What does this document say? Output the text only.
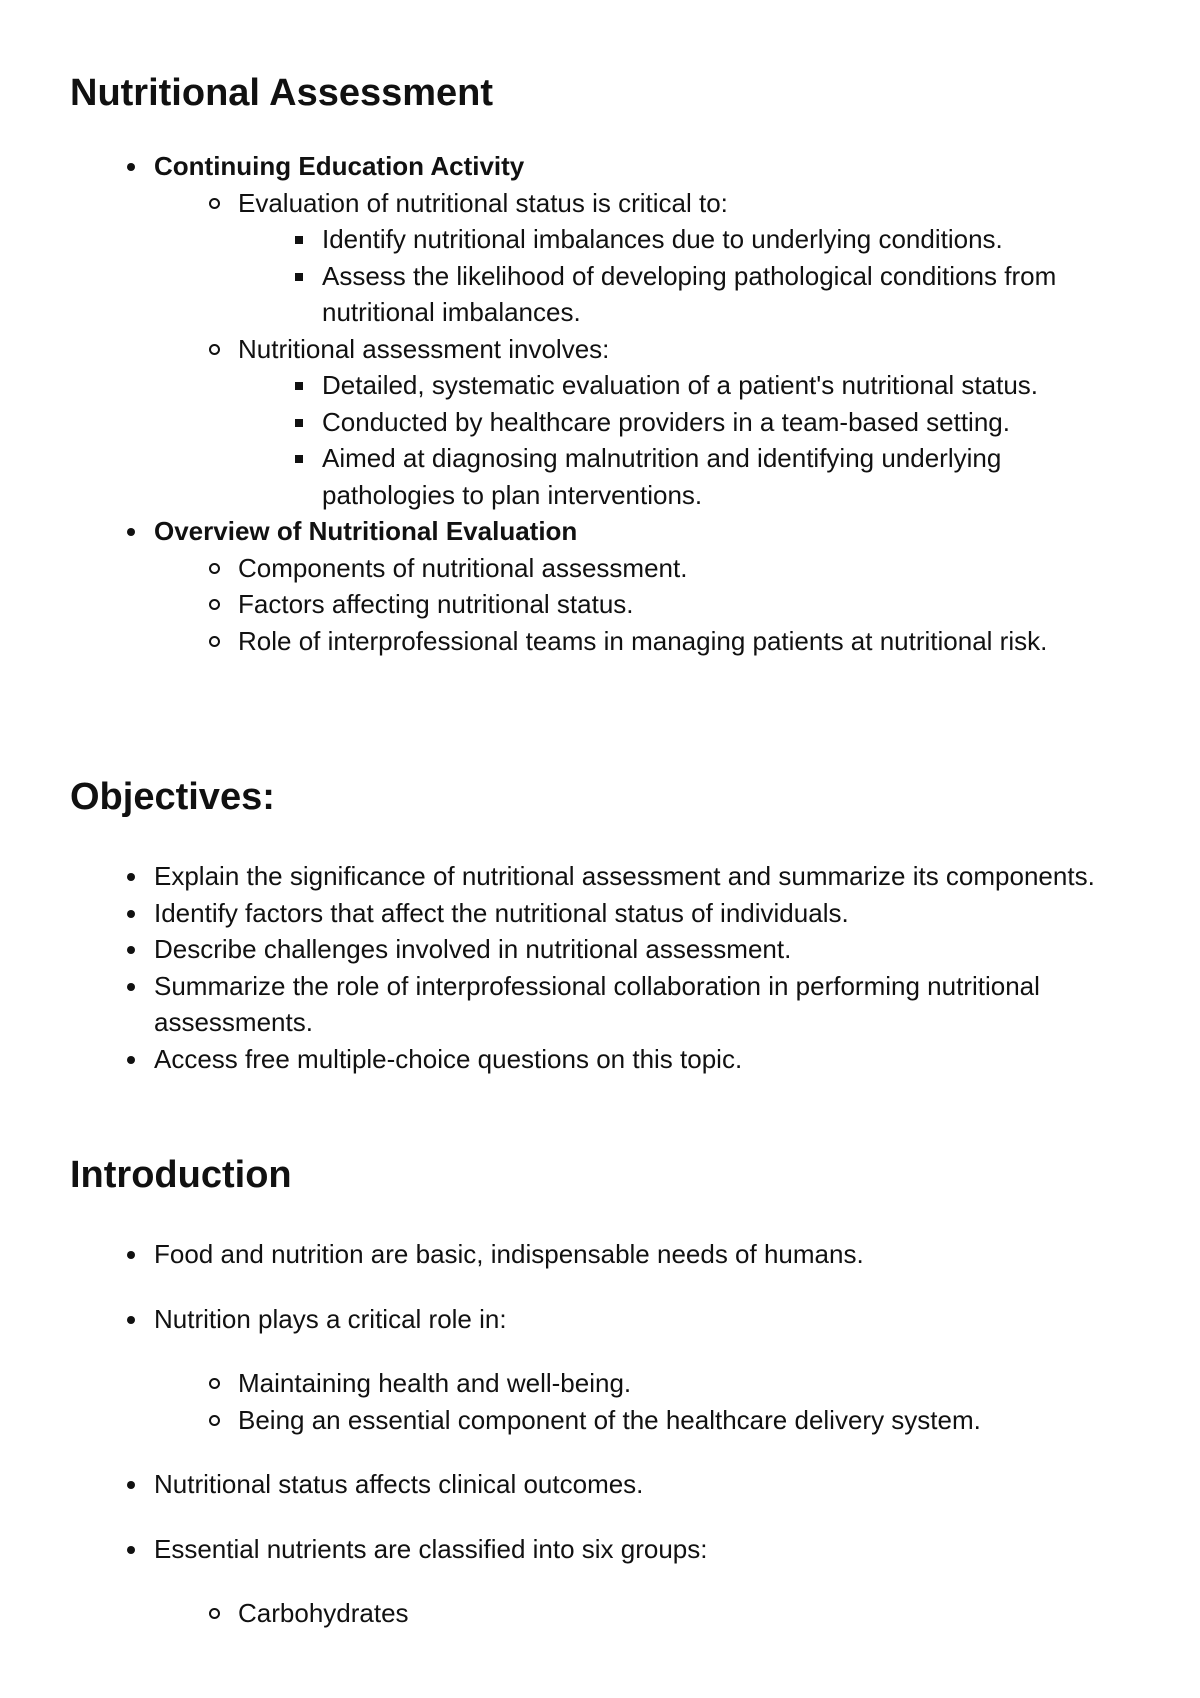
Nutritional Assessment
Continuing Education Activity
Evaluation of nutritional status is critical to:
Identify nutritional imbalances due to underlying conditions.
Assess the likelihood of developing pathological conditions from nutritional imbalances.
Nutritional assessment involves:
Detailed, systematic evaluation of a patient's nutritional status.
Conducted by healthcare providers in a team-based setting.
Aimed at diagnosing malnutrition and identifying underlying pathologies to plan interventions.
Overview of Nutritional Evaluation
Components of nutritional assessment.
Factors affecting nutritional status.
Role of interprofessional teams in managing patients at nutritional risk.
Objectives:
Explain the significance of nutritional assessment and summarize its components.
Identify factors that affect the nutritional status of individuals.
Describe challenges involved in nutritional assessment.
Summarize the role of interprofessional collaboration in performing nutritional assessments.
Access free multiple-choice questions on this topic.
Introduction
Food and nutrition are basic, indispensable needs of humans.
Nutrition plays a critical role in:
Maintaining health and well-being.
Being an essential component of the healthcare delivery system.
Nutritional status affects clinical outcomes.
Essential nutrients are classified into six groups:
Carbohydrates
